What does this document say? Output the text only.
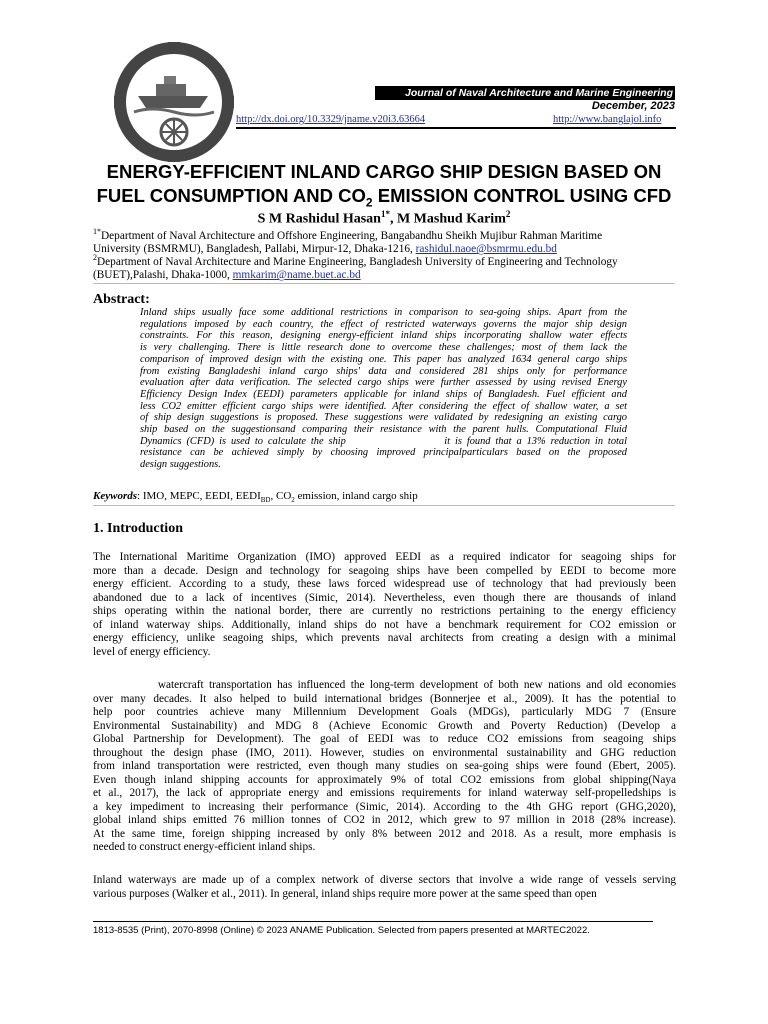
Journal of Naval Architecture and Marine Engineering
December, 2023
http://dx.doi.org/10.3329/jname.v20i3.63664	http://www.banglajol.info
ENERGY-EFFICIENT INLAND CARGO SHIP DESIGN BASED ON
FUEL CONSUMPTION AND $CO_2$ EMISSION CONTROL USING CFD
S M Rashidul Hasan$^{1*}$, M Mashud Karim$^2$
$^{1*}$Department of Naval Architecture and Offshore Engineering, Bangabandhu Sheikh Mujibur Rahman Maritime
University (BSMRMU), Bangladesh, Pallabi, Mirpur-12, Dhaka-1216, rashidul.naoe@bsmrmu.edu.bd
$^2$Department of Naval Architecture and Marine Engineering, Bangladesh University of Engineering and Technology
(BUET),Palashi, Dhaka-1000, mmkarim@name.buet.ac.bd
Abstract:
Inland ships usually face some additional restrictions in comparison to sea-going ships. Apart from the
regulations imposed by each country, the effect of restricted waterways governs the major ship design
constraints. For this reason, designing energy-efficient inland ships incorporating shallow water effects
is very challenging. There is little research done to overcome these challenges; most of them lack the
comparison of improved design with the existing one. This paper has analyzed 1634 general cargo ships
from existing Bangladeshi inland cargo ships' data and considered 281 ships only for performance
evaluation after data verification. The selected cargo ships were further assessed by using revised Energy
Efficiency Design Index (EEDI) parameters applicable for inland ships of Bangladesh. Fuel efficient and
less CO2 emitter efficient cargo ships were identified. After considering the effect of shallow water, a set
of ship design suggestions is proposed. These suggestions were validated by redesigning an existing cargo
ship based on the suggestionsand comparing their resistance with the parent hulls. Computational Fluid
Dynamics (CFD) is used to calculate the ship                    it is found that a 13% reduction in total
resistance can be achieved simply by choosing improved principalparticulars based on the proposed
design suggestions.
Keywords: IMO, MEPC, EEDI, $EEDI_{BD}$, $CO_2$ emission, inland cargo ship
1. Introduction
The International Maritime Organization (IMO) approved EEDI as a required indicator for seagoing ships for
more than a decade. Design and technology for seagoing ships have been compelled by EEDI to become more
energy efficient. According to a study, these laws forced widespread use of technology that had previously been
abandoned due to a lack of incentives (Simic, 2014). Nevertheless, even though there are thousands of inland
ships operating within the national border, there are currently no restrictions pertaining to the energy efficiency
of inland waterway ships. Additionally, inland ships do not have a benchmark requirement for CO2 emission or
energy efficiency, unlike seagoing ships, which prevents naval architects from creating a design with a minimal
level of energy efficiency.
watercraft transportation has influenced the long-term development of both new nations and old economies
over many decades. It also helped to build international bridges (Bonnerjee et al., 2009). It has the potential to
help poor countries achieve many Millennium Development Goals (MDGs), particularly MDG 7 (Ensure
Environmental Sustainability) and MDG 8 (Achieve Economic Growth and Poverty Reduction) (Develop a
Global Partnership for Development). The goal of EEDI was to reduce CO2 emissions from seagoing ships
throughout the design phase (IMO, 2011). However, studies on environmental sustainability and GHG reduction
from inland transportation were restricted, even though many studies on sea-going ships were found (Ebert, 2005).
Even though inland shipping accounts for approximately 9% of total CO2 emissions from global shipping(Naya
et al., 2017), the lack of appropriate energy and emissions requirements for inland waterway self-propelledships is
a key impediment to increasing their performance (Simic, 2014). According to the 4th GHG report (GHG,2020),
global inland ships emitted 76 million tonnes of CO2 in 2012, which grew to 97 million in 2018 (28% increase).
At the same time, foreign shipping increased by only 8% between 2012 and 2018. As a result, more emphasis is
needed to construct energy-efficient inland ships.
Inland waterways are made up of a complex network of diverse sectors that involve a wide range of vessels serving
various purposes (Walker et al., 2011). In general, inland ships require more power at the same speed than open
1813-8535 (Print), 2070-8998 (Online) © 2023 ANAME Publication. Selected from papers presented at MARTEC2022.
